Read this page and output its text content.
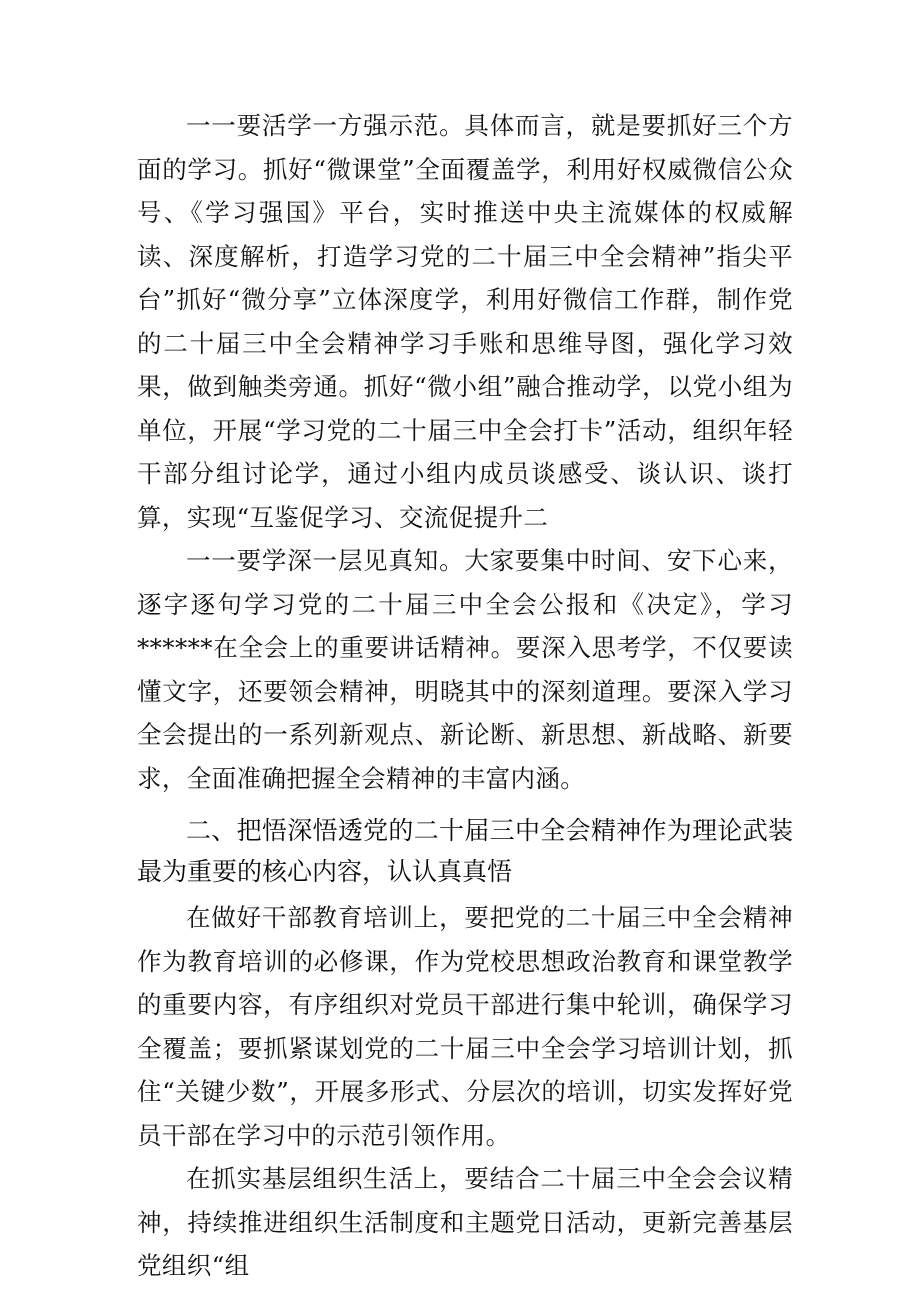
一一要活学一方强示范。具体而言，就是要抓好三个方面的学习。抓好“微课堂”全面覆盖学，利用好权威微信公众号、《学习强国》平台，实时推送中央主流媒体的权威解读、深度解析，打造学习党的二十届三中全会精神”指尖平台”抓好“微分享”立体深度学，利用好微信工作群，制作党的二十届三中全会精神学习手账和思维导图，强化学习效果，做到触类旁通。抓好“微小组”融合推动学，以党小组为单位，开展“学习党的二十届三中全会打卡”活动，组织年轻干部分组讨论学，通过小组内成员谈感受、谈认识、谈打算，实现“互鉴促学习、交流促提升二

一一要学深一层见真知。大家要集中时间、安下心来，逐字逐句学习党的二十届三中全会公报和《决定》，学习******在全会上的重要讲话精神。要深入思考学，不仅要读懂文字，还要领会精神，明晓其中的深刻道理。要深入学习全会提出的一系列新观点、新论断、新思想、新战略、新要求，全面准确把握全会精神的丰富内涵。

二、把悟深悟透党的二十届三中全会精神作为理论武装最为重要的核心内容，认认真真悟

在做好干部教育培训上，要把党的二十届三中全会精神作为教育培训的必修课，作为党校思想政治教育和课堂教学的重要内容，有序组织对党员干部进行集中轮训，确保学习全覆盖；要抓紧谋划党的二十届三中全会学习培训计划，抓住“关键少数”，开展多形式、分层次的培训，切实发挥好党员干部在学习中的示范引领作用。

在抓实基层组织生活上，要结合二十届三中全会会议精神，持续推进组织生活制度和主题党日活动，更新完善基层党组织“组
